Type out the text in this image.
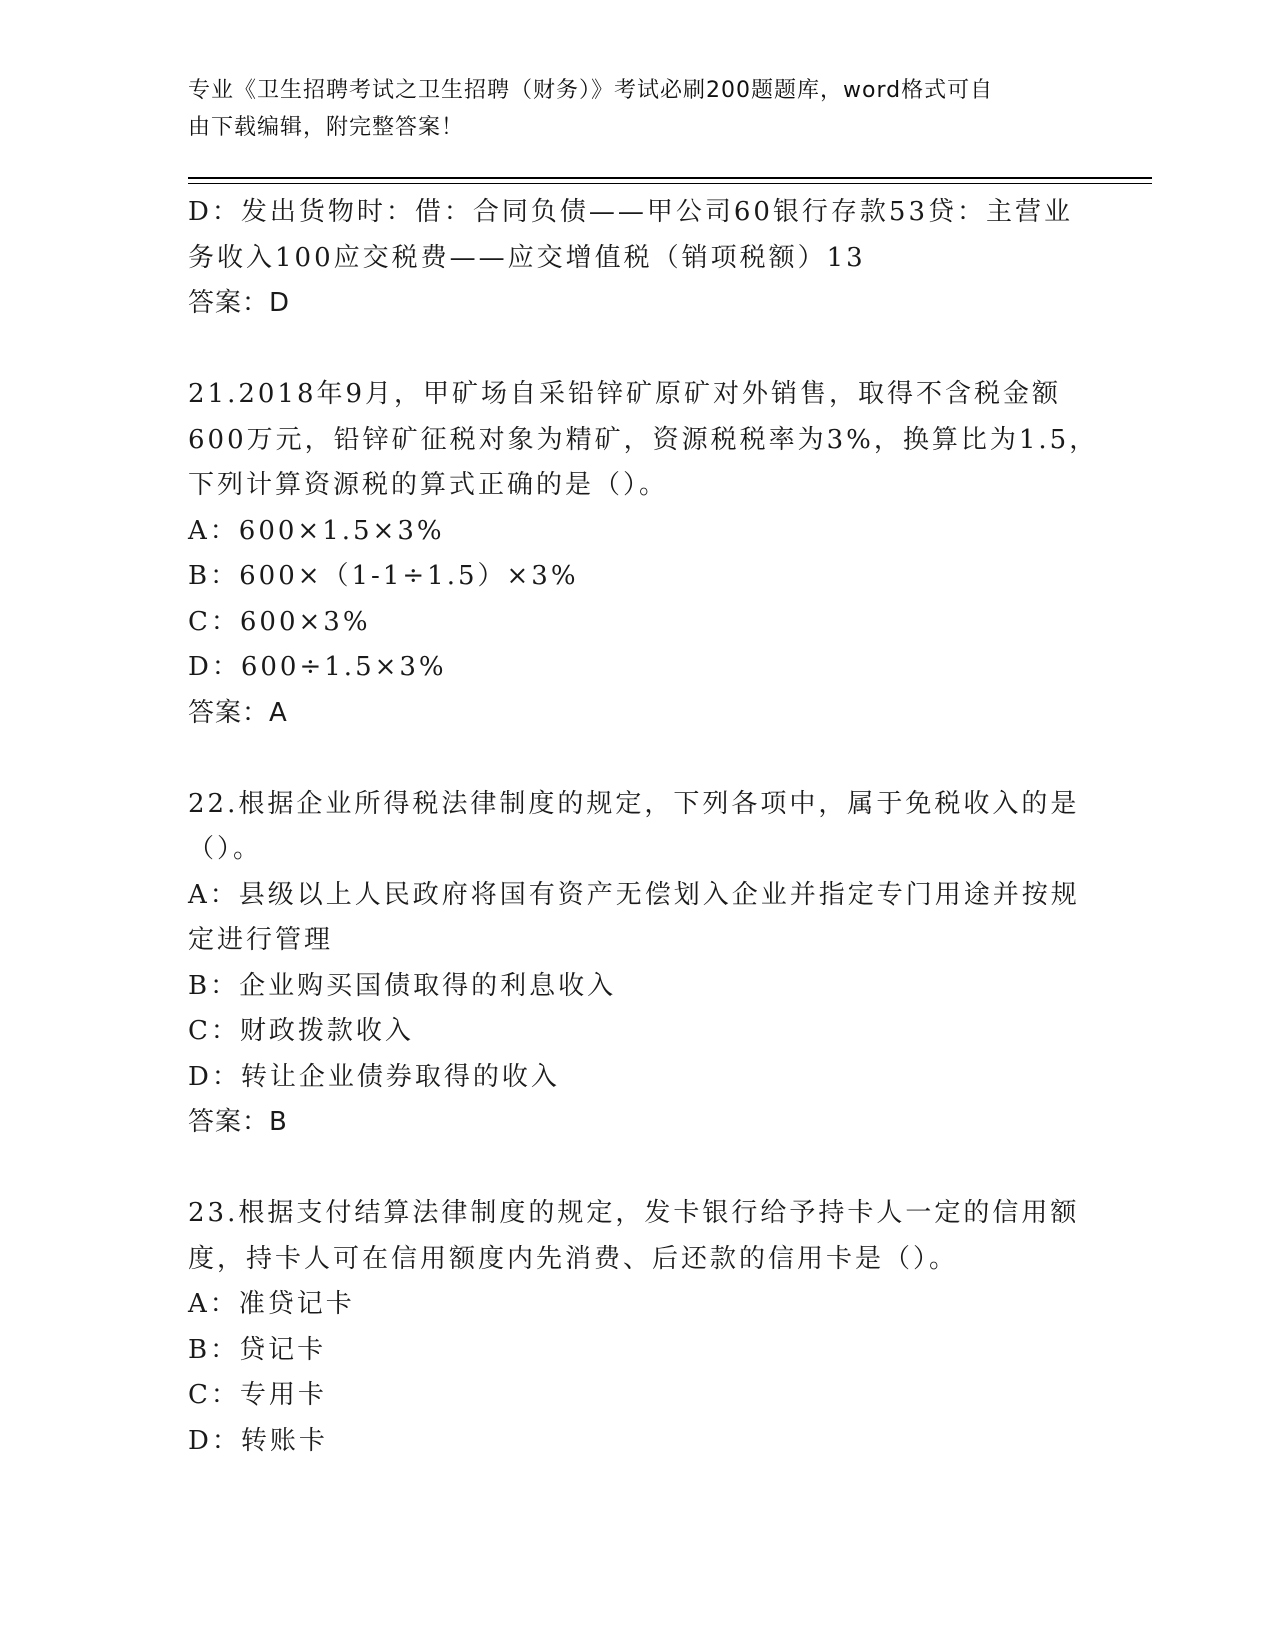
专业《卫生招聘考试之卫生招聘（财务）》考试必刷200题题库，word格式可自
由下载编辑，附完整答案！
D：发出货物时：借：合同负债——甲公司60银行存款53贷：主营业
务收入100应交税费——应交增值税（销项税额）13
答案：D
21.2018年9月，甲矿场自采铅锌矿原矿对外销售，取得不含税金额
600万元，铅锌矿征税对象为精矿，资源税税率为3%，换算比为1.5，
下列计算资源税的算式正确的是（）。
A：600×1.5×3%
B：600×（1-1÷1.5）×3%
C：600×3%
D：600÷1.5×3%
答案：A
22.根据企业所得税法律制度的规定，下列各项中，属于免税收入的是
（）。
A：县级以上人民政府将国有资产无偿划入企业并指定专门用途并按规
定进行管理
B：企业购买国债取得的利息收入
C：财政拨款收入
D：转让企业债券取得的收入
答案：B
23.根据支付结算法律制度的规定，发卡银行给予持卡人一定的信用额
度，持卡人可在信用额度内先消费、后还款的信用卡是（）。
A：准贷记卡
B：贷记卡
C：专用卡
D：转账卡
